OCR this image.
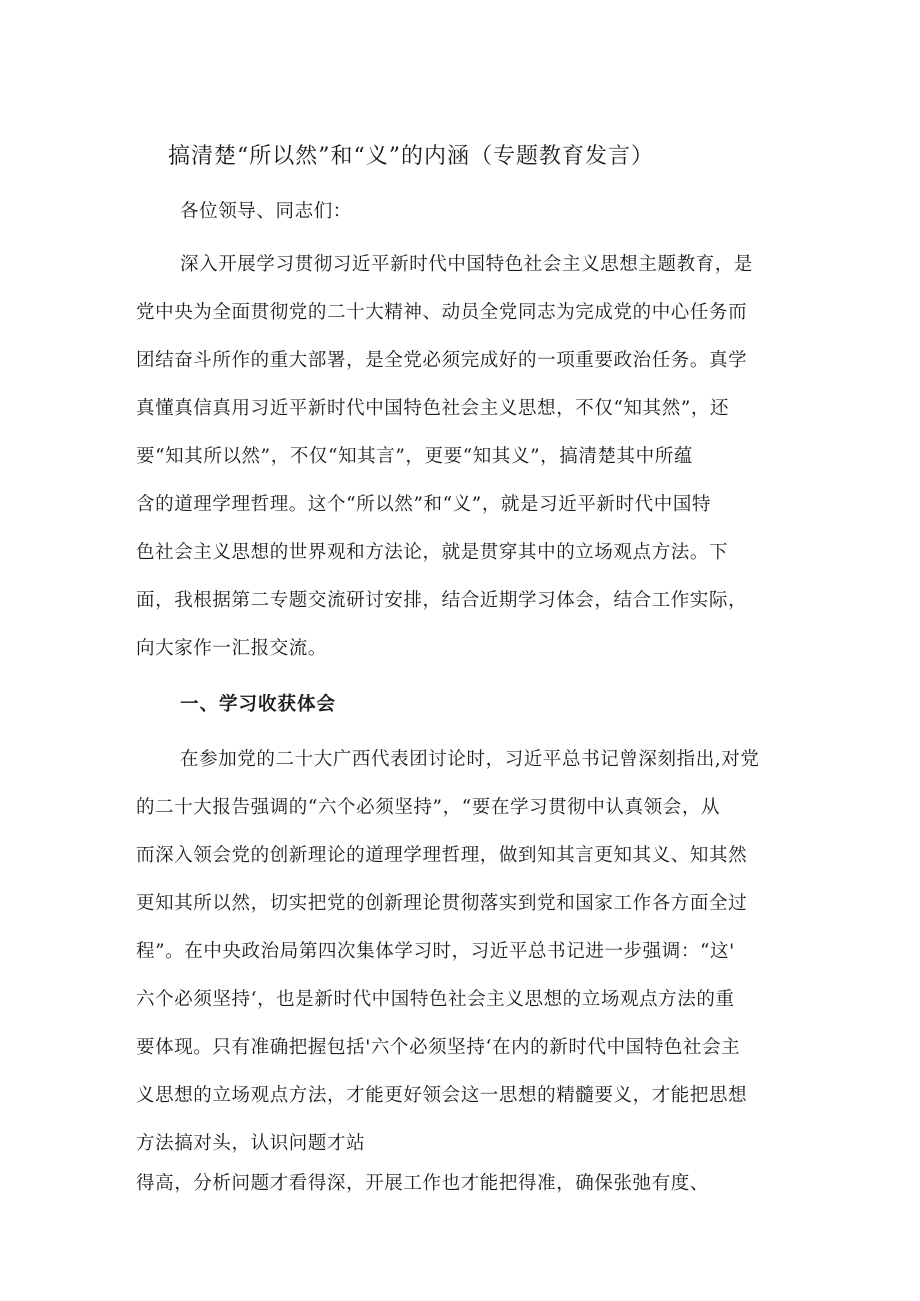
搞清楚“所以然”和“义”的内涵（专题教育发言）
各位领导、同志们：
深入开展学习贯彻习近平新时代中国特色社会主义思想主题教育，是
党中央为全面贯彻党的二十大精神、动员全党同志为完成党的中心任务而
团结奋斗所作的重大部署，是全党必须完成好的一项重要政治任务。真学
真懂真信真用习近平新时代中国特色社会主义思想，不仅“知其然”，还
要“知其所以然”，不仅“知其言”，更要“知其义”，搞清楚其中所蕴
含的道理学理哲理。这个“所以然”和“义”，就是习近平新时代中国特
色社会主义思想的世界观和方法论，就是贯穿其中的立场观点方法。下
面，我根据第二专题交流研讨安排，结合近期学习体会，结合工作实际，
向大家作一汇报交流。
一、学习收获体会
在参加党的二十大广西代表团讨论时，习近平总书记曾深刻指出,对党
的二十大报告强调的“六个必须坚持”，“要在学习贯彻中认真领会，从
而深入领会党的创新理论的道理学理哲理，做到知其言更知其义、知其然
更知其所以然，切实把党的创新理论贯彻落实到党和国家工作各方面全过
程”。在中央政治局第四次集体学习时，习近平总书记进一步强调：“这'
六个必须坚持‘，也是新时代中国特色社会主义思想的立场观点方法的重
要体现。只有准确把握包括'六个必须坚持‘在内的新时代中国特色社会主
义思想的立场观点方法，才能更好领会这一思想的精髓要义，才能把思想
方法搞对头，认识问题才站
得高，分析问题才看得深，开展工作也才能把得准，确保张弛有度、
